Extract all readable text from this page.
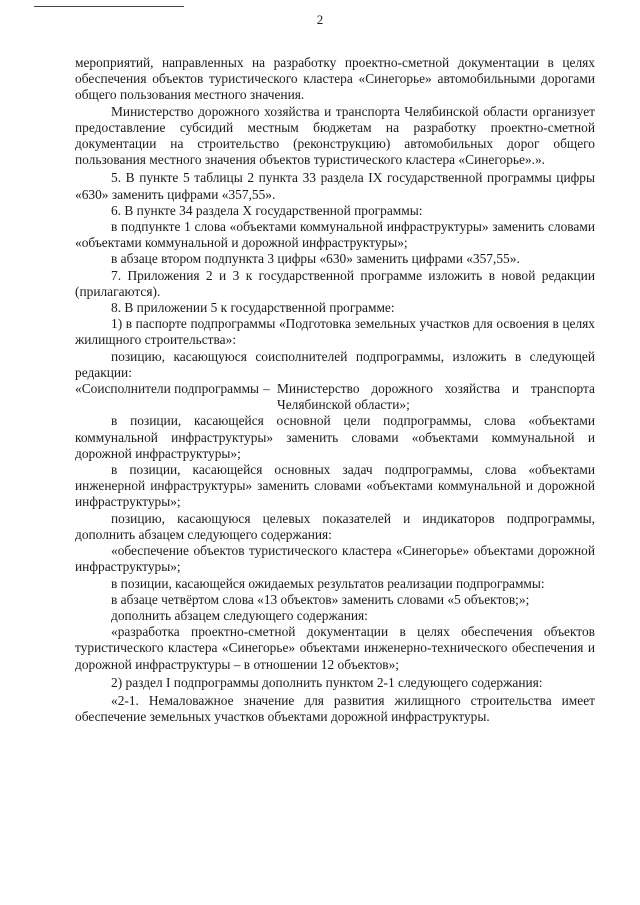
2

мероприятий, направленных на разработку проектно-сметной документации в целях обеспечения объектов туристического кластера «Синегорье» автомобильными дорогами общего пользования местного значения.

Министерство дорожного хозяйства и транспорта Челябинской области организует предоставление субсидий местным бюджетам на разработку проектно-сметной документации на строительство (реконструкцию) автомобильных дорог общего пользования местного значения объектов туристического кластера «Синегорье».».

5. В пункте 5 таблицы 2 пункта 33 раздела IX государственной программы цифры «630» заменить цифрами «357,55».

6. В пункте 34 раздела X государственной программы:

в подпункте 1 слова «объектами коммунальной инфраструктуры» заменить словами «объектами коммунальной и дорожной инфраструктуры»;

в абзаце втором подпункта 3 цифры «630» заменить цифрами «357,55».

7. Приложения 2 и 3 к государственной программе изложить в новой редакции (прилагаются).

8. В приложении 5 к государственной программе:

1) в паспорте подпрограммы «Подготовка земельных участков для освоения в целях жилищного строительства»:

позицию, касающуюся соисполнителей подпрограммы, изложить в следующей редакции:

«Соисполнители подпрограммы – Министерство дорожного хозяйства и транспорта Челябинской области»;

в позиции, касающейся основной цели подпрограммы, слова «объектами коммунальной инфраструктуры» заменить словами «объектами коммунальной и дорожной инфраструктуры»;

в позиции, касающейся основных задач подпрограммы, слова «объектами инженерной инфраструктуры» заменить словами «объектами коммунальной и дорожной инфраструктуры»;

позицию, касающуюся целевых показателей и индикаторов подпрограммы, дополнить абзацем следующего содержания:

«обеспечение объектов туристического кластера «Синегорье» объектами дорожной инфраструктуры»;

в позиции, касающейся ожидаемых результатов реализации подпрограммы:

в абзаце четвёртом слова «13 объектов» заменить словами «5 объектов;»;

дополнить абзацем следующего содержания:

«разработка проектно-сметной документации в целях обеспечения объектов туристического кластера «Синегорье» объектами инженерно-технического обеспечения и дорожной инфраструктуры – в отношении 12 объектов»;

2) раздел I подпрограммы дополнить пунктом 2-1 следующего содержания:

«2-1. Немаловажное значение для развития жилищного строительства имеет обеспечение земельных участков объектами дорожной инфраструктуры.
